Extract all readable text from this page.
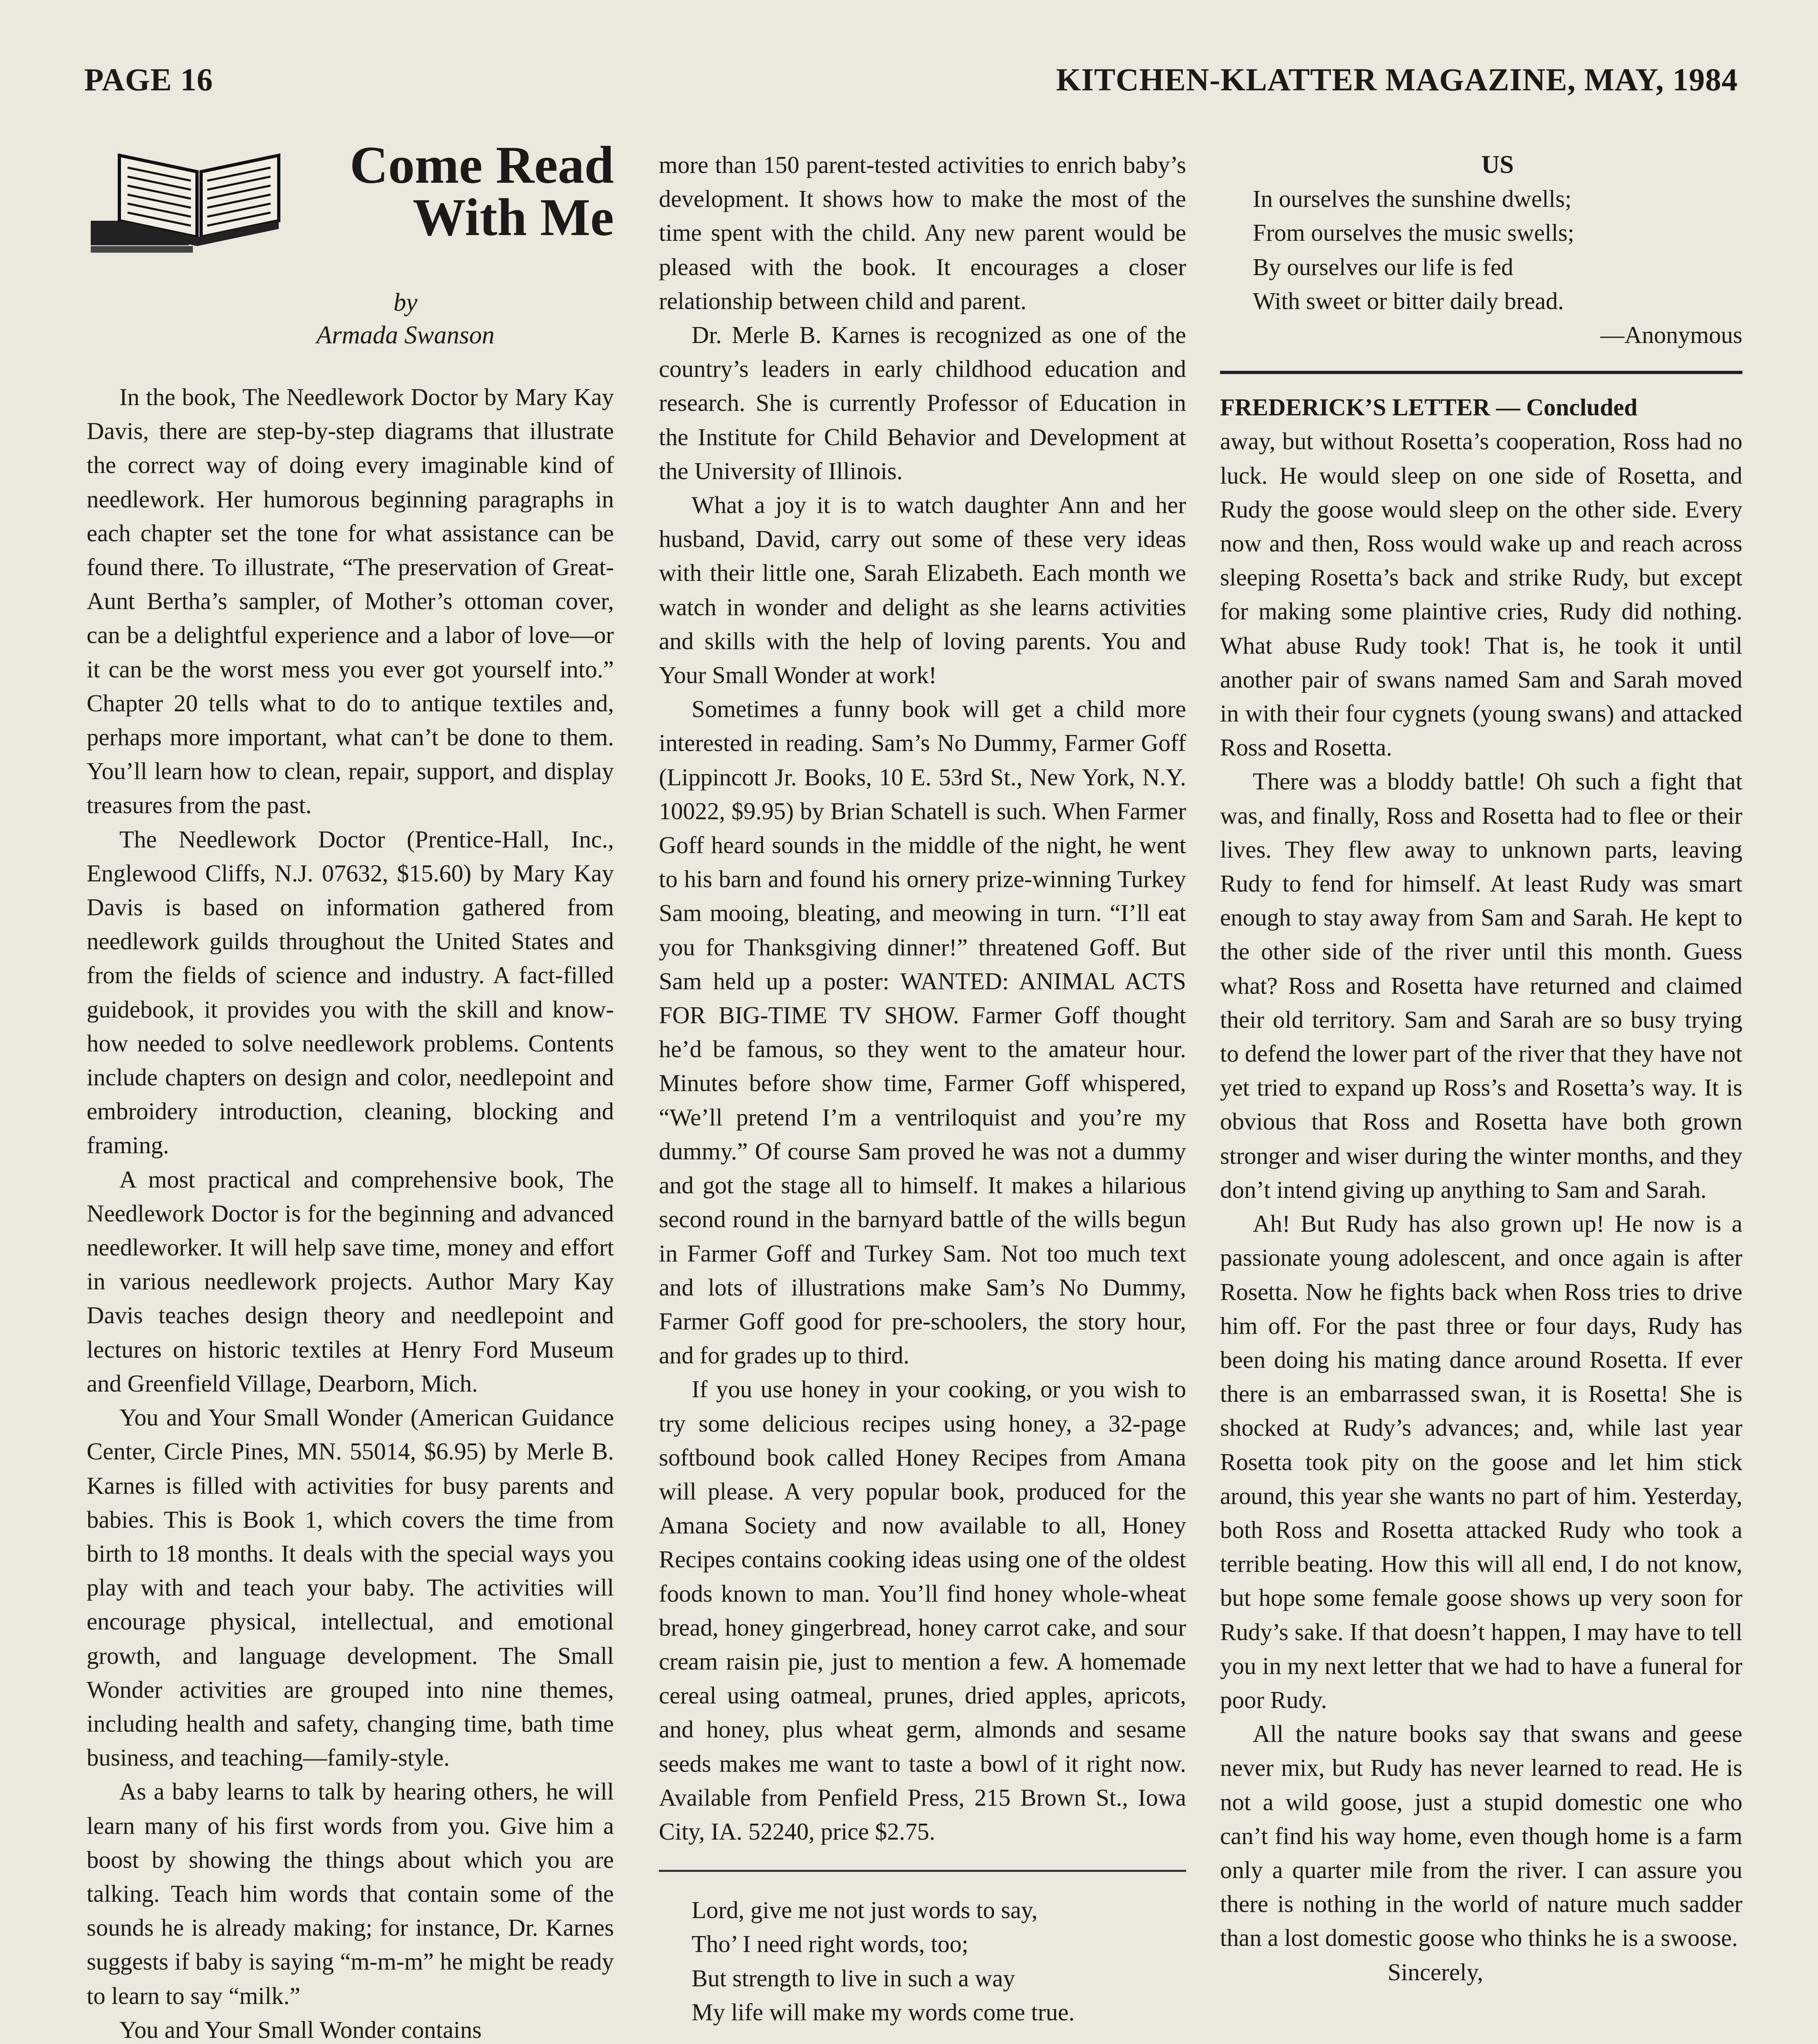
PAGE 16	KITCHEN-KLATTER MAGAZINE, MAY, 1984
Come Read
With Me
by
Armada Swanson

In the book, The Needlework Doctor by Mary Kay Davis, there are step-by-step diagrams that illustrate the correct way of doing every imaginable kind of needlework. Her humorous beginning paragraphs in each chapter set the tone for what assistance can be found there. To illustrate, “The preservation of Great-Aunt Bertha’s sampler, of Mother’s ottoman cover, can be a delightful experience and a labor of love—or it can be the worst mess you ever got yourself into.” Chapter 20 tells what to do to antique textiles and, perhaps more important, what can’t be done to them. You’ll learn how to clean, repair, support, and display treasures from the past.

The Needlework Doctor (Prentice-Hall, Inc., Englewood Cliffs, N.J. 07632, $15.60) by Mary Kay Davis is based on information gathered from needlework guilds throughout the United States and from the fields of science and industry. A fact-filled guidebook, it provides you with the skill and know-how needed to solve needlework problems. Contents include chapters on design and color, needlepoint and embroidery introduction, cleaning, blocking and framing.

A most practical and comprehensive book, The Needlework Doctor is for the beginning and advanced needleworker. It will help save time, money and effort in various needlework projects. Author Mary Kay Davis teaches design theory and needlepoint and lectures on historic textiles at Henry Ford Museum and Greenfield Village, Dearborn, Mich.

You and Your Small Wonder (American Guidance Center, Circle Pines, MN. 55014, $6.95) by Merle B. Karnes is filled with activities for busy parents and babies. This is Book 1, which covers the time from birth to 18 months. It deals with the special ways you play with and teach your baby. The activities will encourage physical, intellectual, and emotional growth, and language development. The Small Wonder activities are grouped into nine themes, including health and safety, changing time, bath time business, and teaching—family-style.

As a baby learns to talk by hearing others, he will learn many of his first words from you. Give him a boost by showing the things about which you are talking. Teach him words that contain some of the sounds he is already making; for instance, Dr. Karnes suggests if baby is saying “m-m-m” he might be ready to learn to say “milk.”

You and Your Small Wonder contains

more than 150 parent-tested activities to enrich baby’s development. It shows how to make the most of the time spent with the child. Any new parent would be pleased with the book. It encourages a closer relationship between child and parent.

Dr. Merle B. Karnes is recognized as one of the country’s leaders in early childhood education and research. She is currently Professor of Education in the Institute for Child Behavior and Development at the University of Illinois.

What a joy it is to watch daughter Ann and her husband, David, carry out some of these very ideas with their little one, Sarah Elizabeth. Each month we watch in wonder and delight as she learns activities and skills with the help of loving parents. You and Your Small Wonder at work!

Sometimes a funny book will get a child more interested in reading. Sam’s No Dummy, Farmer Goff (Lippincott Jr. Books, 10 E. 53rd St., New York, N.Y. 10022, $9.95) by Brian Schatell is such. When Farmer Goff heard sounds in the middle of the night, he went to his barn and found his ornery prize-winning Turkey Sam mooing, bleating, and meowing in turn. “I’ll eat you for Thanksgiving dinner!” threatened Goff. But Sam held up a poster: WANTED: ANIMAL ACTS FOR BIG-TIME TV SHOW. Farmer Goff thought he’d be famous, so they went to the amateur hour. Minutes before show time, Farmer Goff whispered, “We’ll pretend I’m a ventriloquist and you’re my dummy.” Of course Sam proved he was not a dummy and got the stage all to himself. It makes a hilarious second round in the barnyard battle of the wills begun in Farmer Goff and Turkey Sam. Not too much text and lots of illustrations make Sam’s No Dummy, Farmer Goff good for pre-schoolers, the story hour, and for grades up to third.

If you use honey in your cooking, or you wish to try some delicious recipes using honey, a 32-page softbound book called Honey Recipes from Amana will please. A very popular book, produced for the Amana Society and now available to all, Honey Recipes contains cooking ideas using one of the oldest foods known to man. You’ll find honey whole-wheat bread, honey gingerbread, honey carrot cake, and sour cream raisin pie, just to mention a few. A homemade cereal using oatmeal, prunes, dried apples, apricots, and honey, plus wheat germ, almonds and sesame seeds makes me want to taste a bowl of it right now. Available from Penfield Press, 215 Brown St., Iowa City, IA. 52240, price $2.75.

Lord, give me not just words to say,

Tho’ I need right words, too;

But strength to live in such a way

My life will make my words come true.

US

In ourselves the sunshine dwells;

From ourselves the music swells;

By ourselves our life is fed

With sweet or bitter daily bread.

—Anonymous

FREDERICK’S LETTER — Concluded

away, but without Rosetta’s cooperation, Ross had no luck. He would sleep on one side of Rosetta, and Rudy the goose would sleep on the other side. Every now and then, Ross would wake up and reach across sleeping Rosetta’s back and strike Rudy, but except for making some plaintive cries, Rudy did nothing. What abuse Rudy took! That is, he took it until another pair of swans named Sam and Sarah moved in with their four cygnets (young swans) and attacked Ross and Rosetta.

There was a bloddy battle! Oh such a fight that was, and finally, Ross and Rosetta had to flee or their lives. They flew away to unknown parts, leaving Rudy to fend for himself. At least Rudy was smart enough to stay away from Sam and Sarah. He kept to the other side of the river until this month. Guess what? Ross and Rosetta have returned and claimed their old territory. Sam and Sarah are so busy trying to defend the lower part of the river that they have not yet tried to expand up Ross’s and Rosetta’s way. It is obvious that Ross and Rosetta have both grown stronger and wiser during the winter months, and they don’t intend giving up anything to Sam and Sarah.

Ah! But Rudy has also grown up! He now is a passionate young adolescent, and once again is after Rosetta. Now he fights back when Ross tries to drive him off. For the past three or four days, Rudy has been doing his mating dance around Rosetta. If ever there is an embarrassed swan, it is Rosetta! She is shocked at Rudy’s advances; and, while last year Rosetta took pity on the goose and let him stick around, this year she wants no part of him. Yesterday, both Ross and Rosetta attacked Rudy who took a terrible beating. How this will all end, I do not know, but hope some female goose shows up very soon for Rudy’s sake. If that doesn’t happen, I may have to tell you in my next letter that we had to have a funeral for poor Rudy.

All the nature books say that swans and geese never mix, but Rudy has never learned to read. He is not a wild goose, just a stupid domestic one who can’t find his way home, even though home is a farm only a quarter mile from the river. I can assure you there is nothing in the world of nature much sadder than a lost domestic goose who thinks he is a swoose.

Sincerely,
